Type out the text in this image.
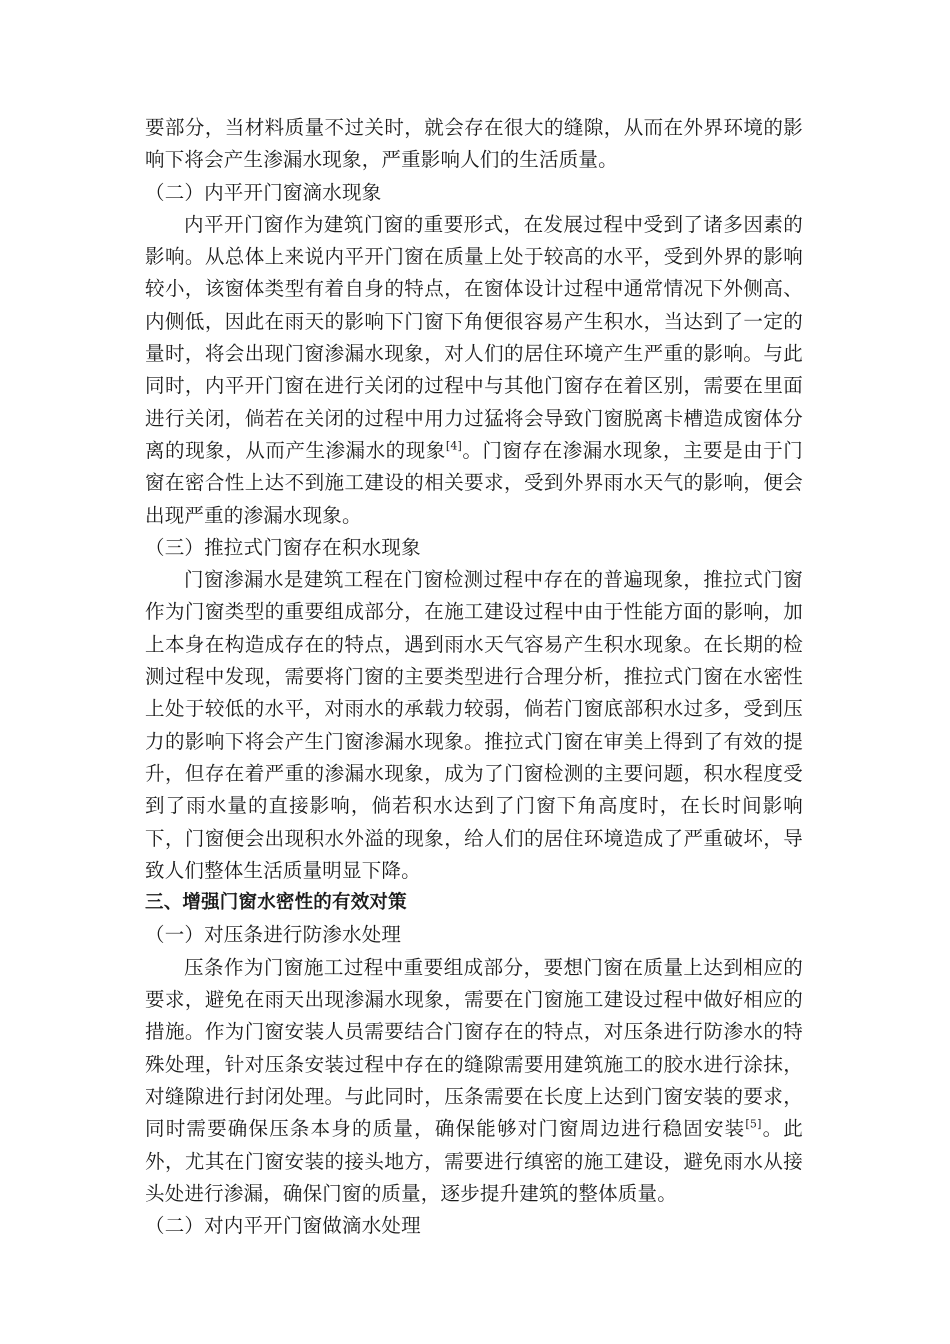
要部分，当材料质量不过关时，就会存在很大的缝隙，从而在外界环境的影响下将会产生渗漏水现象，严重影响人们的生活质量。

（二）内平开门窗滴水现象

内平开门窗作为建筑门窗的重要形式，在发展过程中受到了诸多因素的影响。从总体上来说内平开门窗在质量上处于较高的水平，受到外界的影响较小，该窗体类型有着自身的特点，在窗体设计过程中通常情况下外侧高、内侧低，因此在雨天的影响下门窗下角便很容易产生积水，当达到了一定的量时，将会出现门窗渗漏水现象，对人们的居住环境产生严重的影响。与此同时，内平开门窗在进行关闭的过程中与其他门窗存在着区别，需要在里面进行关闭，倘若在关闭的过程中用力过猛将会导致门窗脱离卡槽造成窗体分离的现象，从而产生渗漏水的现象[4]。门窗存在渗漏水现象，主要是由于门窗在密合性上达不到施工建设的相关要求，受到外界雨水天气的影响，便会出现严重的渗漏水现象。

（三）推拉式门窗存在积水现象

门窗渗漏水是建筑工程在门窗检测过程中存在的普遍现象，推拉式门窗作为门窗类型的重要组成部分，在施工建设过程中由于性能方面的影响，加上本身在构造成存在的特点，遇到雨水天气容易产生积水现象。在长期的检测过程中发现，需要将门窗的主要类型进行合理分析，推拉式门窗在水密性上处于较低的水平，对雨水的承载力较弱，倘若门窗底部积水过多，受到压力的影响下将会产生门窗渗漏水现象。推拉式门窗在审美上得到了有效的提升，但存在着严重的渗漏水现象，成为了门窗检测的主要问题，积水程度受到了雨水量的直接影响，倘若积水达到了门窗下角高度时，在长时间影响下，门窗便会出现积水外溢的现象，给人们的居住环境造成了严重破坏，导致人们整体生活质量明显下降。

三、增强门窗水密性的有效对策

（一）对压条进行防渗水处理

压条作为门窗施工过程中重要组成部分，要想门窗在质量上达到相应的要求，避免在雨天出现渗漏水现象，需要在门窗施工建设过程中做好相应的措施。作为门窗安装人员需要结合门窗存在的特点，对压条进行防渗水的特殊处理，针对压条安装过程中存在的缝隙需要用建筑施工的胶水进行涂抹，对缝隙进行封闭处理。与此同时，压条需要在长度上达到门窗安装的要求，同时需要确保压条本身的质量，确保能够对门窗周边进行稳固安装[5]。此外，尤其在门窗安装的接头地方，需要进行缜密的施工建设，避免雨水从接头处进行渗漏，确保门窗的质量，逐步提升建筑的整体质量。

（二）对内平开门窗做滴水处理
